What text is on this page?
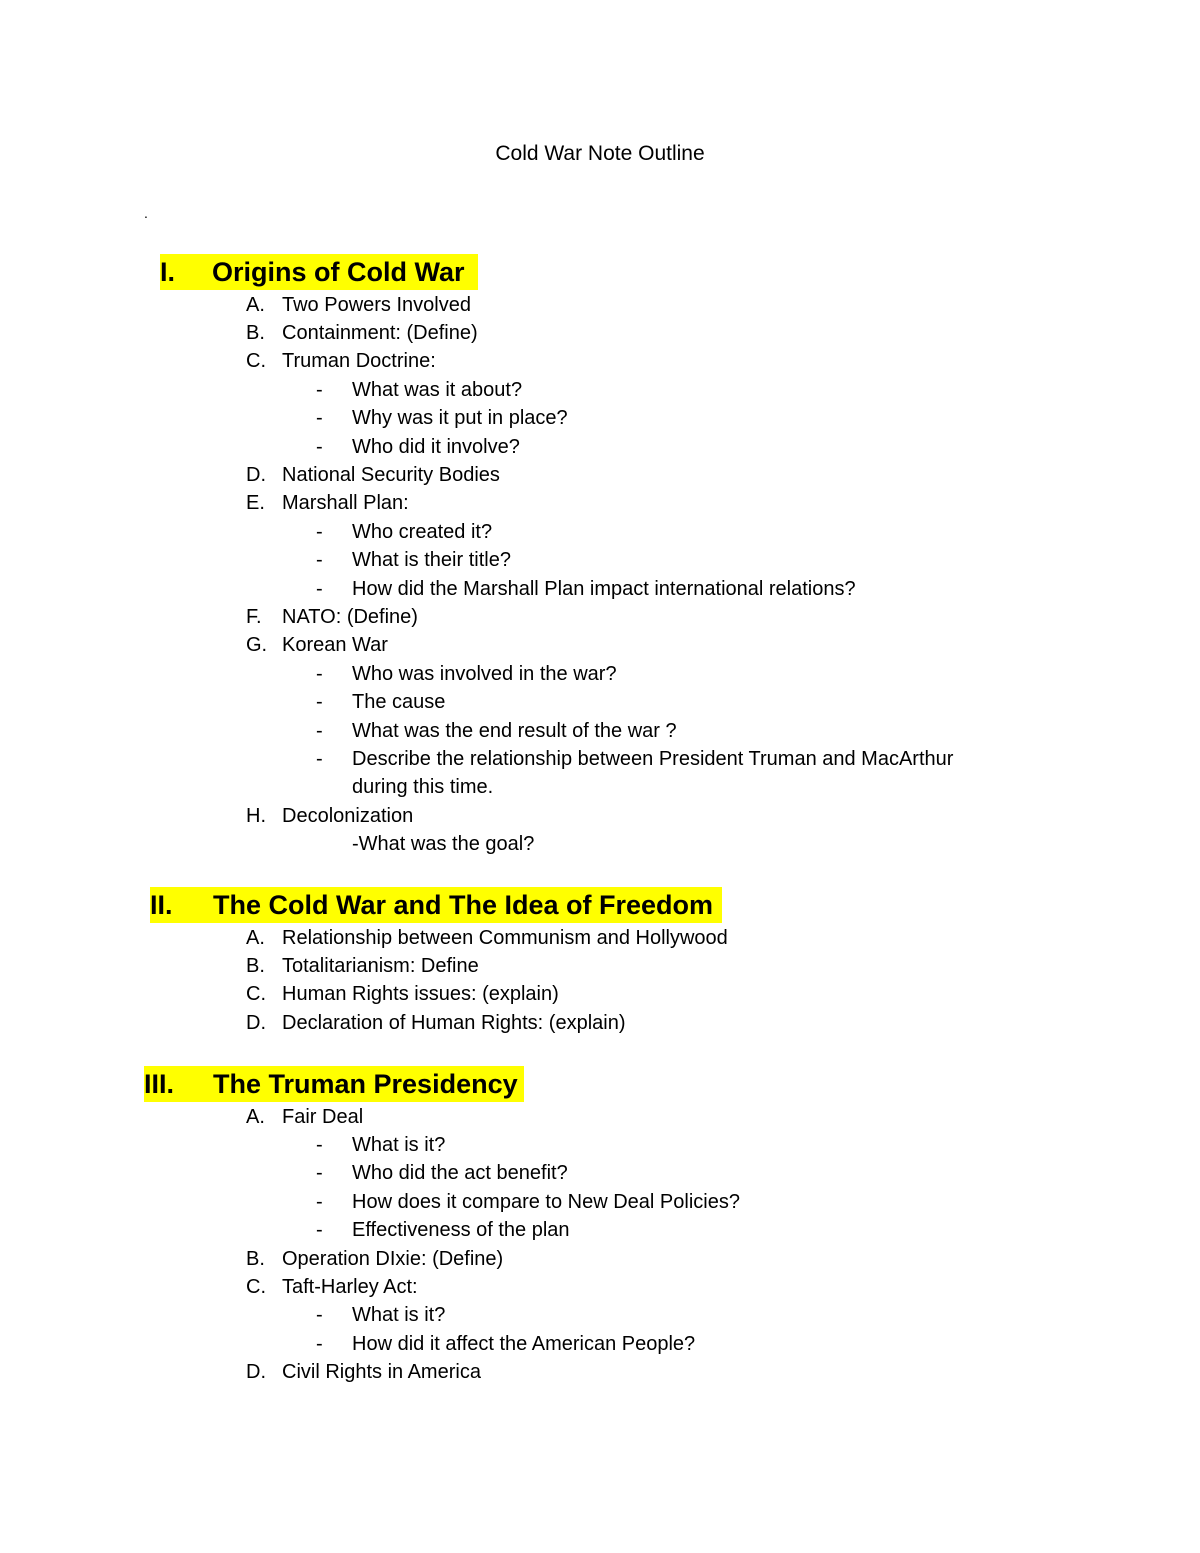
Cold War Note Outline
.
I. Origins of Cold War
A. Two Powers Involved
B. Containment: (Define)
C. Truman Doctrine:
- What was it about?
- Why was it put in place?
- Who did it involve?
D. National Security Bodies
E. Marshall Plan:
- Who created it?
- What is their title?
- How did the Marshall Plan impact international relations?
F. NATO: (Define)
G. Korean War
- Who was involved in the war?
- The cause
- What was the end result of the war ?
- Describe the relationship between President Truman and MacArthur
during this time.
H. Decolonization
-What was the goal?
II. The Cold War and The Idea of Freedom
A. Relationship between Communism and Hollywood
B. Totalitarianism: Define
C. Human Rights issues: (explain)
D. Declaration of Human Rights: (explain)
III. The Truman Presidency
A. Fair Deal
- What is it?
- Who did the act benefit?
- How does it compare to New Deal Policies?
- Effectiveness of the plan
B. Operation DIxie: (Define)
C. Taft-Harley Act:
- What is it?
- How did it affect the American People?
D. Civil Rights in America
